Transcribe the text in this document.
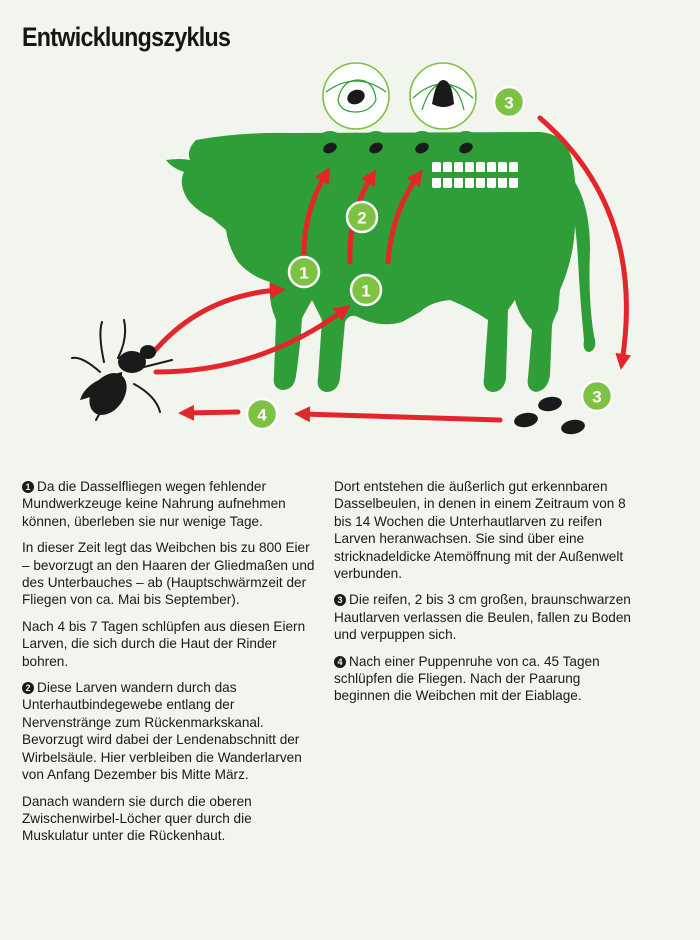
Entwicklungszyklus
1
1
2
3
3
4

1 Da die Dasselfliegen wegen fehlender Mundwerkzeuge keine Nahrung aufnehmen können, überleben sie nur wenige Tage.

In dieser Zeit legt das Weibchen bis zu 800 Eier – bevorzugt an den Haaren der Gliedmaßen und des Unterbauches – ab (Hauptschwärmzeit der Fliegen von ca. Mai bis September).

Nach 4 bis 7 Tagen schlüpfen aus diesen Eiern Larven, die sich durch die Haut der Rinder bohren.

2 Diese Larven wandern durch das Unterhautbindegewebe entlang der Nervenstränge zum Rückenmarkskanal. Bevorzugt wird dabei der Lendenabschnitt der Wirbelsäule. Hier verbleiben die Wanderlarven von Anfang Dezember bis Mitte März.

Danach wandern sie durch die oberen Zwischenwirbel-Löcher quer durch die Muskulatur unter die Rückenhaut.

Dort entstehen die äußerlich gut erkennbaren Dasselbeulen, in denen in einem Zeitraum von 8 bis 14 Wochen die Unterhautlarven zu reifen Larven heranwachsen. Sie sind über eine stricknadeldicke Atemöffnung mit der Außenwelt verbunden.

3 Die reifen, 2 bis 3 cm großen, braunschwarzen Hautlarven verlassen die Beulen, fallen zu Boden und verpuppen sich.

4 Nach einer Puppenruhe von ca. 45 Tagen schlüpfen die Fliegen. Nach der Paarung beginnen die Weibchen mit der Eiablage.
